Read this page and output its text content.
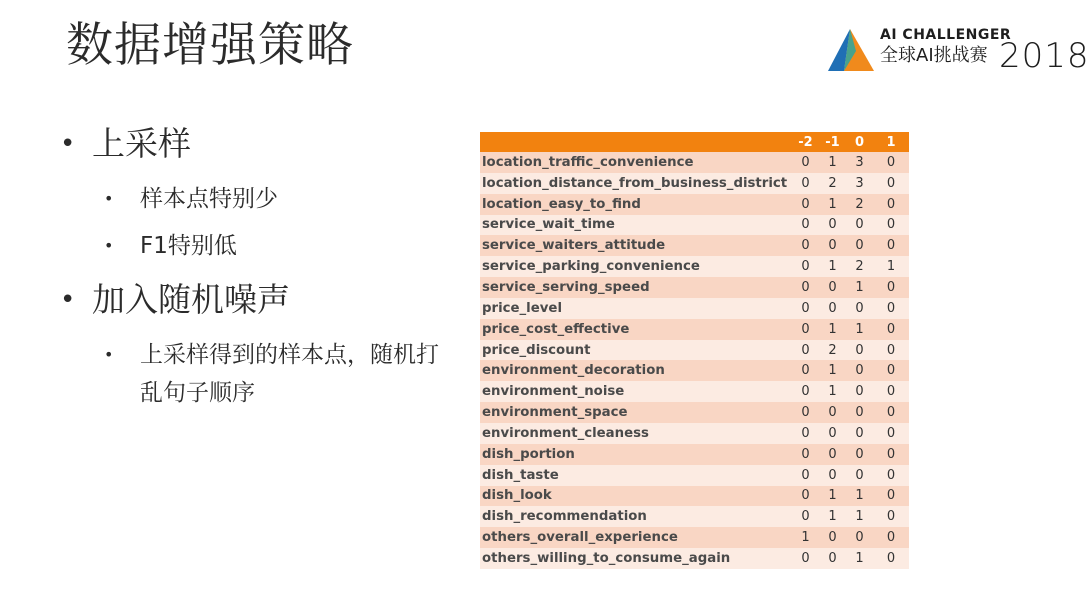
数据增强策略	AI CHALLENGER
全球AI挑战赛 2018
• 上采样
• 样本点特别少
• F1特别低
• 加入随机噪声
• 上采样得到的样本点，随机打乱句子顺序
	-2	-1	0	1
location_traffic_convenience	0	1	3	0
location_distance_from_business_district	0	2	3	0
location_easy_to_find	0	1	2	0
service_wait_time	0	0	0	0
service_waiters_attitude	0	0	0	0
service_parking_convenience	0	1	2	1
service_serving_speed	0	0	1	0
price_level	0	0	0	0
price_cost_effective	0	1	1	0
price_discount	0	2	0	0
environment_decoration	0	1	0	0
environment_noise	0	1	0	0
environment_space	0	0	0	0
environment_cleaness	0	0	0	0
dish_portion	0	0	0	0
dish_taste	0	0	0	0
dish_look	0	1	1	0
dish_recommendation	0	1	1	0
others_overall_experience	1	0	0	0
others_willing_to_consume_again	0	0	1	0
